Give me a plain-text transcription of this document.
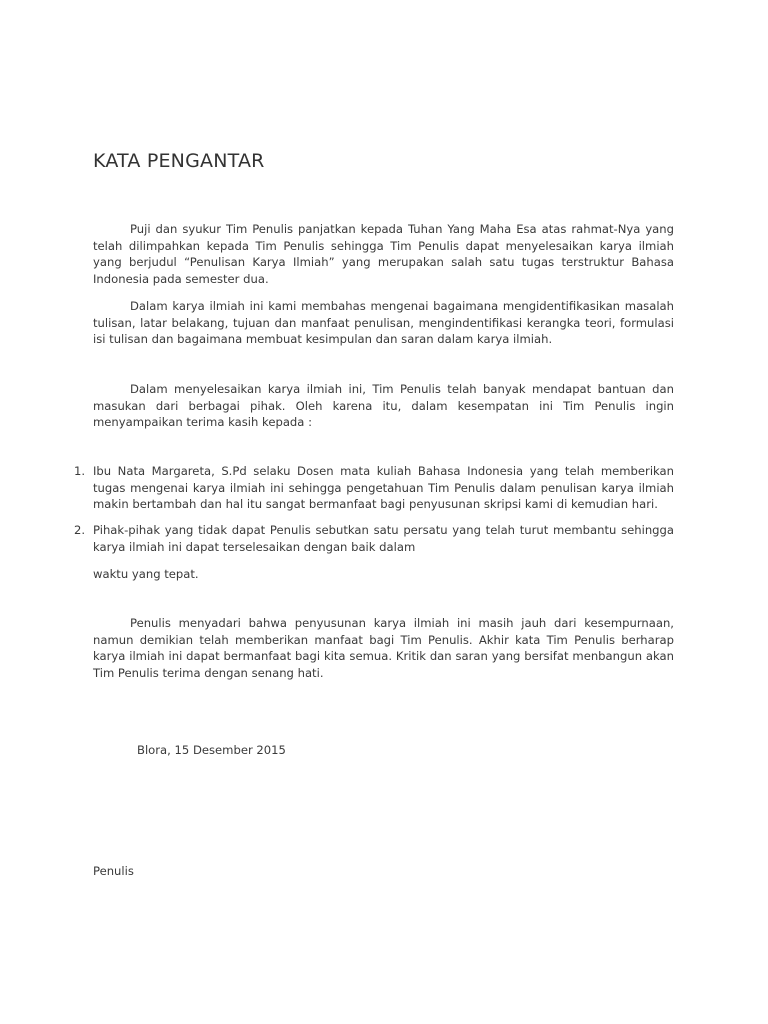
KATA PENGANTAR

Puji dan syukur Tim Penulis panjatkan kepada Tuhan Yang Maha Esa atas rahmat-Nya yang telah dilimpahkan kepada Tim Penulis sehingga Tim Penulis dapat menyelesaikan karya ilmiah yang berjudul “Penulisan Karya Ilmiah” yang merupakan salah satu tugas terstruktur Bahasa Indonesia pada semester dua.

Dalam karya ilmiah ini kami membahas mengenai bagaimana mengidentifikasikan masalah tulisan, latar belakang, tujuan dan manfaat penulisan, mengindentifikasi kerangka teori, formulasi isi tulisan dan bagaimana membuat kesimpulan dan saran dalam karya ilmiah.

Dalam menyelesaikan karya ilmiah ini, Tim Penulis telah banyak mendapat bantuan dan masukan dari berbagai pihak. Oleh karena itu, dalam kesempatan ini Tim Penulis ingin menyampaikan terima kasih kepada :

1. Ibu Nata Margareta, S.Pd selaku Dosen mata kuliah Bahasa Indonesia yang telah memberikan tugas mengenai karya ilmiah ini sehingga pengetahuan Tim Penulis dalam penulisan karya ilmiah makin bertambah dan hal itu sangat bermanfaat bagi penyusunan skripsi kami di kemudian hari.
2. Pihak-pihak yang tidak dapat Penulis sebutkan satu persatu yang telah turut membantu sehingga karya ilmiah ini dapat terselesaikan dengan baik dalam

waktu yang tepat.

Penulis menyadari bahwa penyusunan karya ilmiah ini masih jauh dari kesempurnaan, namun demikian telah memberikan manfaat bagi Tim Penulis. Akhir kata Tim Penulis berharap karya ilmiah ini dapat bermanfaat bagi kita semua. Kritik dan saran yang bersifat menbangun akan Tim Penulis terima dengan senang hati.

Blora, 15 Desember 2015

Penulis
